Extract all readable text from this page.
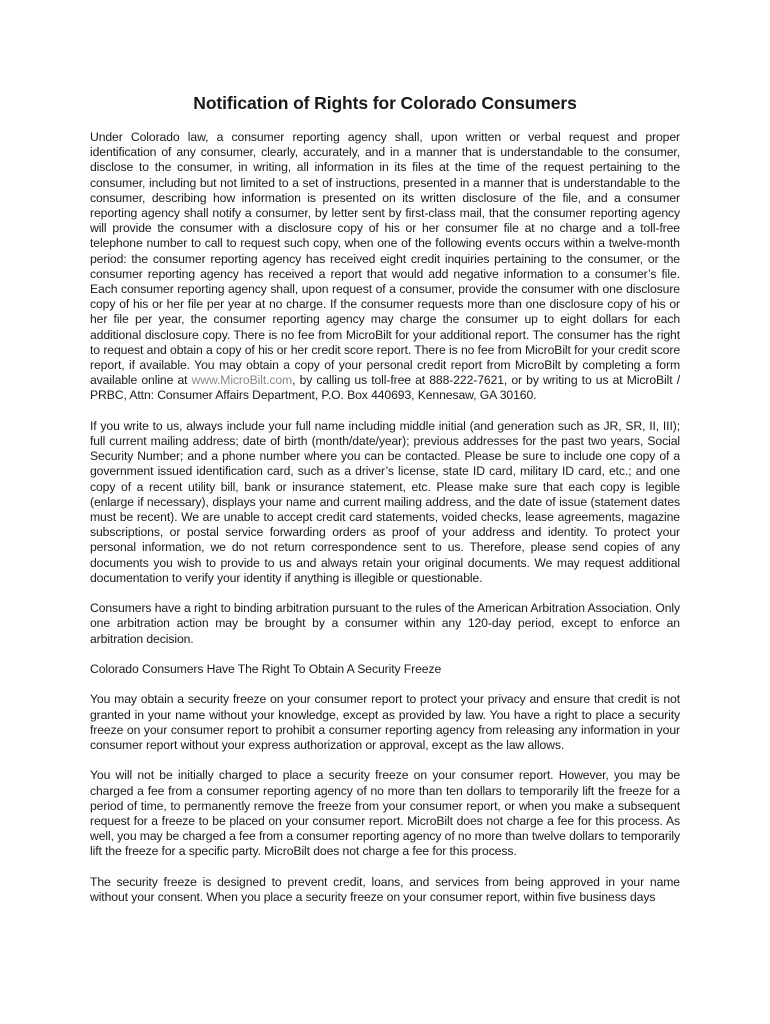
Notification of Rights for Colorado Consumers

Under Colorado law, a consumer reporting agency shall, upon written or verbal request and proper identification of any consumer, clearly, accurately, and in a manner that is understandable to the consumer, disclose to the consumer, in writing, all information in its files at the time of the request pertaining to the consumer, including but not limited to a set of instructions, presented in a manner that is understandable to the consumer, describing how information is presented on its written disclosure of the file, and a consumer reporting agency shall notify a consumer, by letter sent by first-class mail, that the consumer reporting agency will provide the consumer with a disclosure copy of his or her consumer file at no charge and a toll-free telephone number to call to request such copy, when one of the following events occurs within a twelve-month period: the consumer reporting agency has received eight credit inquiries pertaining to the consumer, or the consumer reporting agency has received a report that would add negative information to a consumer’s file. Each consumer reporting agency shall, upon request of a consumer, provide the consumer with one disclosure copy of his or her file per year at no charge. If the consumer requests more than one disclosure copy of his or her file per year, the consumer reporting agency may charge the consumer up to eight dollars for each additional disclosure copy. There is no fee from MicroBilt for your additional report. The consumer has the right to request and obtain a copy of his or her credit score report. There is no fee from MicroBilt for your credit score report, if available. You may obtain a copy of your personal credit report from MicroBilt by completing a form available online at www.MicroBilt.com, by calling us toll-free at 888-222-7621, or by writing to us at MicroBilt / PRBC, Attn: Consumer Affairs Department, P.O. Box 440693, Kennesaw, GA 30160.

If you write to us, always include your full name including middle initial (and generation such as JR, SR, II, III); full current mailing address; date of birth (month/date/year); previous addresses for the past two years, Social Security Number; and a phone number where you can be contacted. Please be sure to include one copy of a government issued identification card, such as a driver’s license, state ID card, military ID card, etc.; and one copy of a recent utility bill, bank or insurance statement, etc. Please make sure that each copy is legible (enlarge if necessary), displays your name and current mailing address, and the date of issue (statement dates must be recent). We are unable to accept credit card statements, voided checks, lease agreements, magazine subscriptions, or postal service forwarding orders as proof of your address and identity. To protect your personal information, we do not return correspondence sent to us. Therefore, please send copies of any documents you wish to provide to us and always retain your original documents. We may request additional documentation to verify your identity if anything is illegible or questionable.

Consumers have a right to binding arbitration pursuant to the rules of the American Arbitration Association. Only one arbitration action may be brought by a consumer within any 120-day period, except to enforce an arbitration decision.

Colorado Consumers Have The Right To Obtain A Security Freeze

You may obtain a security freeze on your consumer report to protect your privacy and ensure that credit is not granted in your name without your knowledge, except as provided by law. You have a right to place a security freeze on your consumer report to prohibit a consumer reporting agency from releasing any information in your consumer report without your express authorization or approval, except as the law allows.

You will not be initially charged to place a security freeze on your consumer report. However, you may be charged a fee from a consumer reporting agency of no more than ten dollars to temporarily lift the freeze for a period of time, to permanently remove the freeze from your consumer report, or when you make a subsequent request for a freeze to be placed on your consumer report. MicroBilt does not charge a fee for this process. As well, you may be charged a fee from a consumer reporting agency of no more than twelve dollars to temporarily lift the freeze for a specific party. MicroBilt does not charge a fee for this process.

The security freeze is designed to prevent credit, loans, and services from being approved in your name without your consent. When you place a security freeze on your consumer report, within five business days
